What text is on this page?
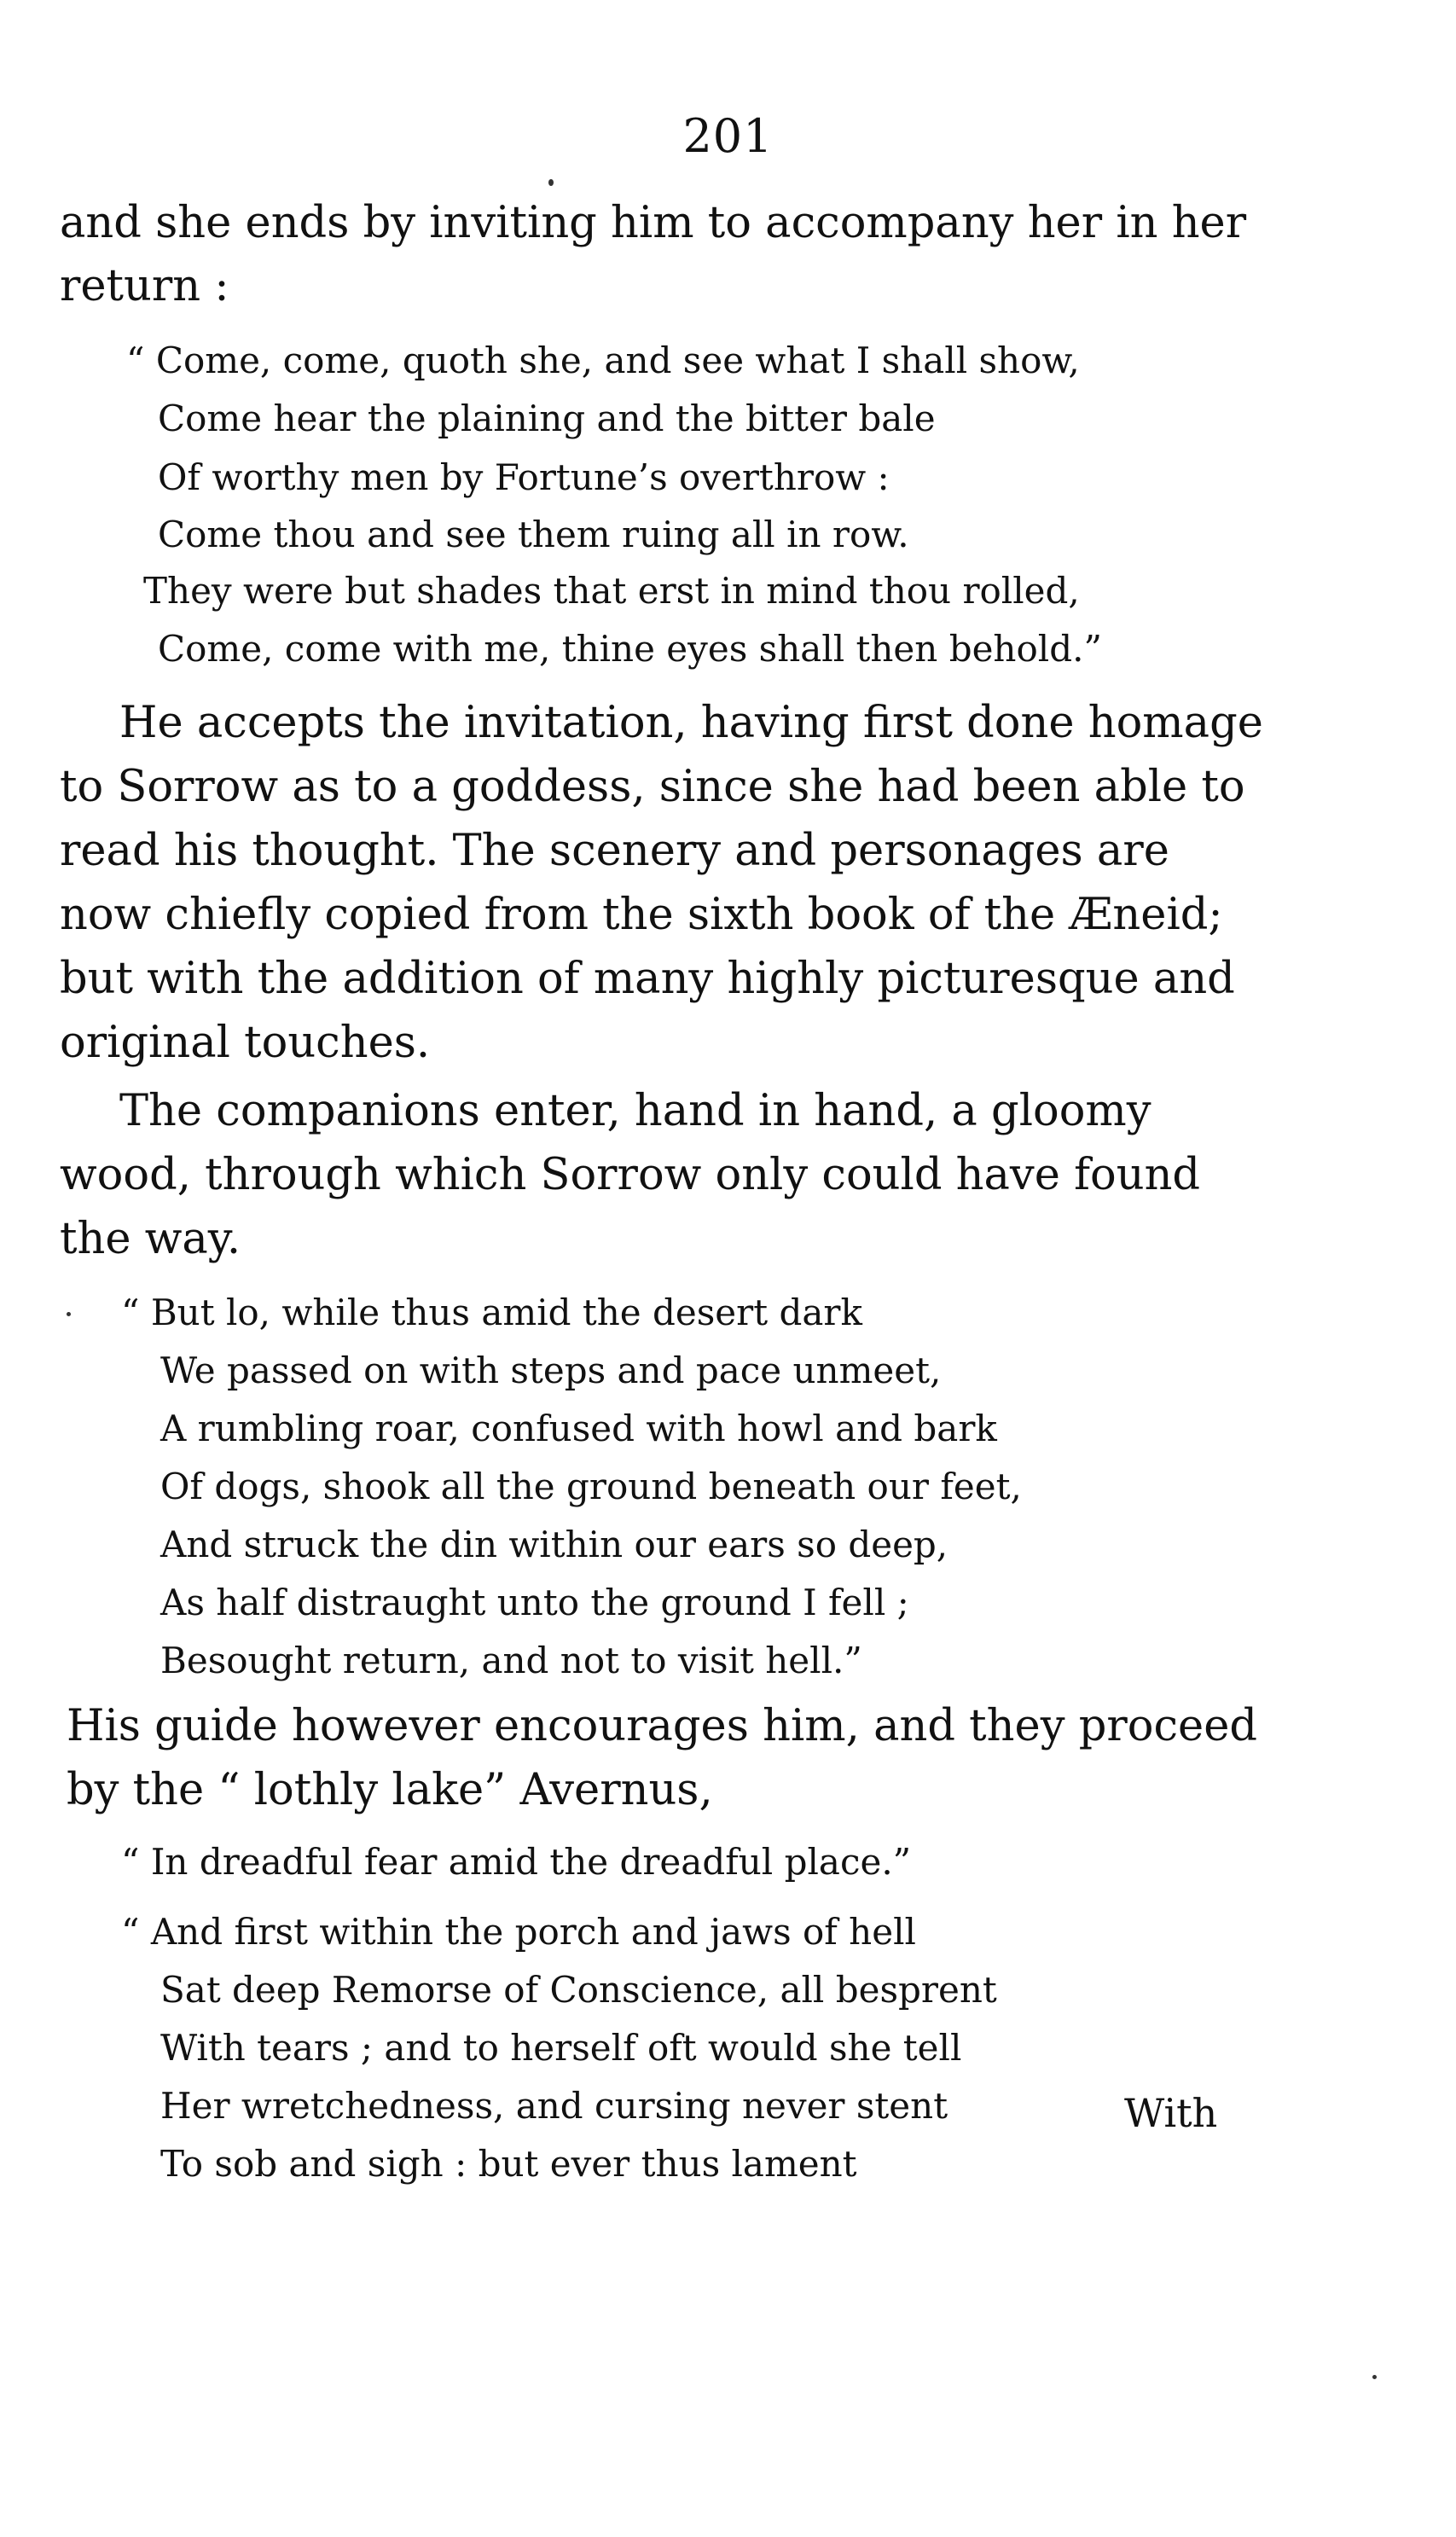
201
and she ends by inviting him to accompany her in her
return :
“ Come, come, quoth she, and see what I shall show,
Come hear the plaining and the bitter bale
Of worthy men by Fortune’s overthrow :
Come thou and see them ruing all in row.
They were but shades that erst in mind thou rolled,
Come, come with me, thine eyes shall then behold.”
He accepts the invitation, having first done homage
to Sorrow as to a goddess, since she had been able to
read his thought. The scenery and personages are
now chiefly copied from the sixth book of the Æneid;
but with the addition of many highly picturesque and
original touches.
The companions enter, hand in hand, a gloomy
wood, through which Sorrow only could have found
the way.
“ But lo, while thus amid the desert dark
We passed on with steps and pace unmeet,
A rumbling roar, confused with howl and bark
Of dogs, shook all the ground beneath our feet,
And struck the din within our ears so deep,
As half distraught unto the ground I fell ;
Besought return, and not to visit hell.”
His guide however encourages him, and they proceed
by the “ lothly lake” Avernus,
“ In dreadful fear amid the dreadful place.”
“ And first within the porch and jaws of hell
Sat deep Remorse of Conscience, all besprent
With tears ; and to herself oft would she tell
Her wretchedness, and cursing never stent
To sob and sigh : but ever thus lament
With
